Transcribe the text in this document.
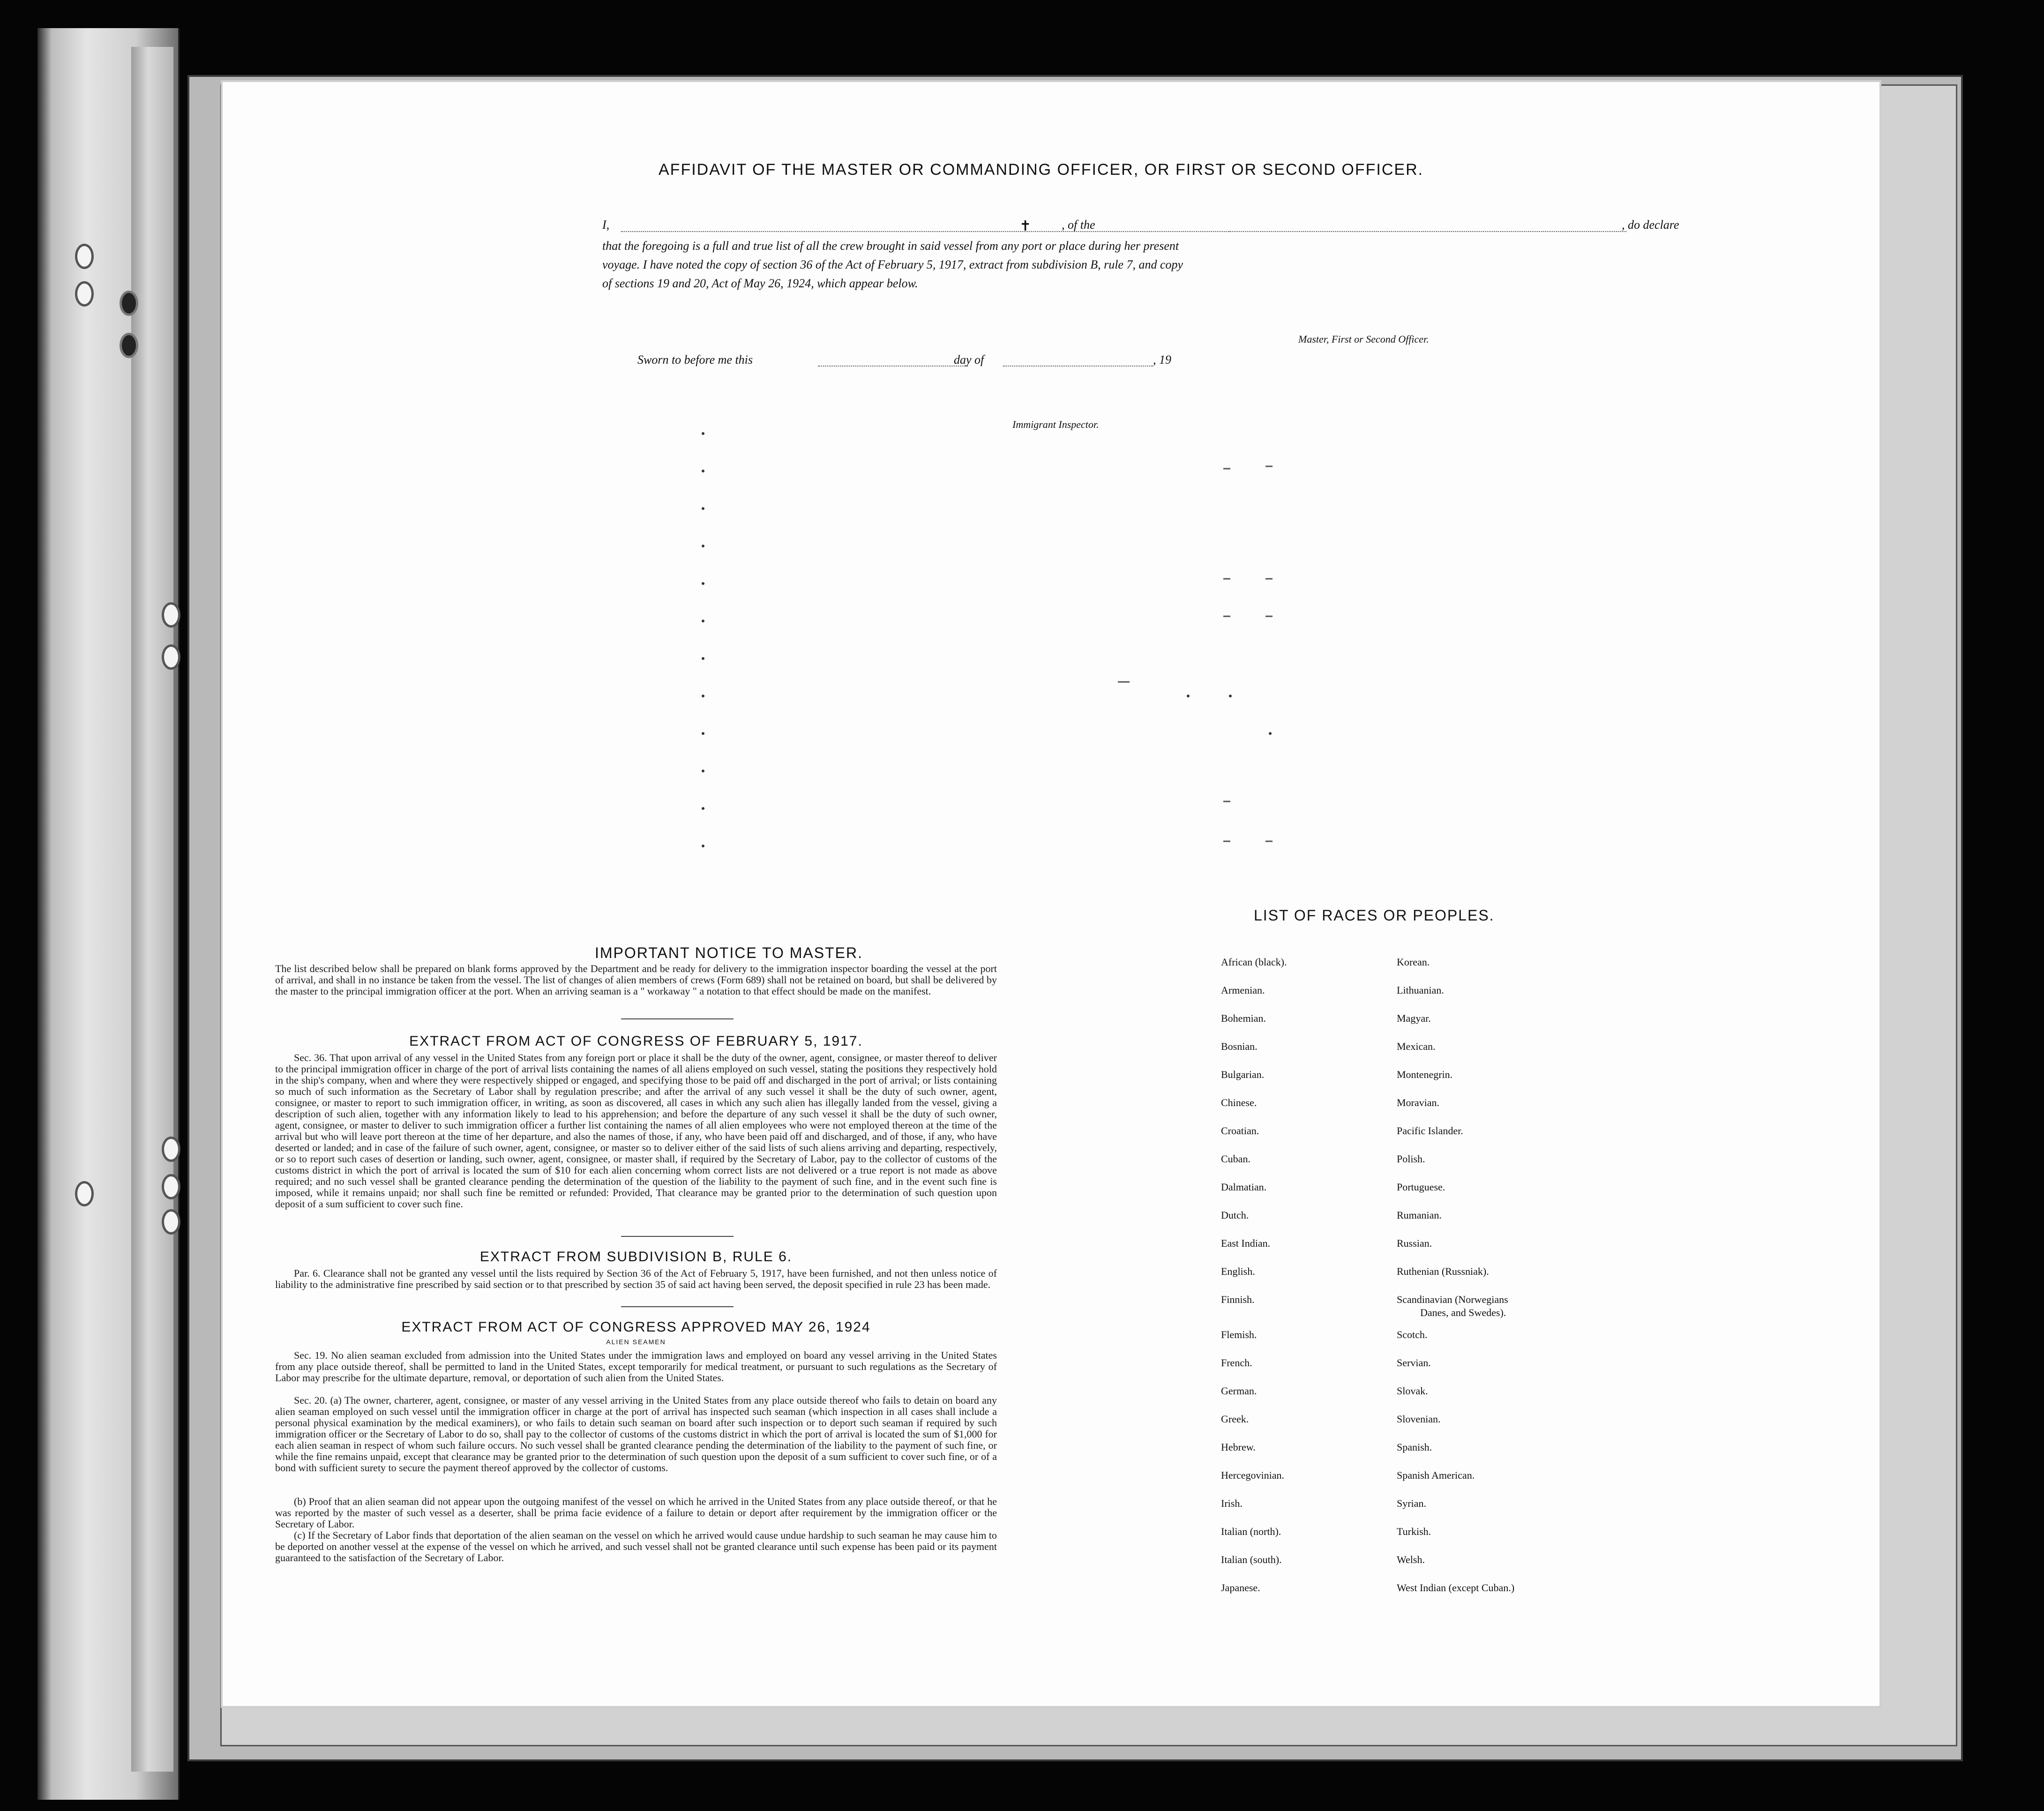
AFFIDAVIT OF THE MASTER OR COMMANDING OFFICER, OR FIRST OR SECOND OFFICER.
I,	✝ , of the	, do declare
that the foregoing is a full and true list of all the crew brought in said vessel from any port or place during her present
voyage. I have noted the copy of section 36 of the Act of February 5, 1917, extract from subdivision B, rule 7, and copy
of sections 19 and 20, Act of May 26, 1924, which appear below.
Master, First or Second Officer.
Sworn to before me this	day of	, 19
Immigrant Inspector.
IMPORTANT NOTICE TO MASTER.
The list described below shall be prepared on blank forms approved by the Department and be ready for delivery to the immigration inspector boarding the vessel at the port of arrival, and shall in no instance be taken from the vessel. The list of changes of alien members of crews (Form 689) shall not be retained on board, but shall be delivered by the master to the principal immigration officer at the port. When an arriving seaman is a " workaway " a notation to that effect should be made on the manifest.
EXTRACT FROM ACT OF CONGRESS OF FEBRUARY 5, 1917.
Sec. 36. That upon arrival of any vessel in the United States from any foreign port or place it shall be the duty of the owner, agent, consignee, or master thereof to deliver to the principal immigration officer in charge of the port of arrival lists containing the names of all aliens employed on such vessel, stating the positions they respectively hold in the ship's company, when and where they were respectively shipped or engaged, and specifying those to be paid off and discharged in the port of arrival; or lists containing so much of such information as the Secretary of Labor shall by regulation prescribe; and after the arrival of any such vessel it shall be the duty of such owner, agent, consignee, or master to report to such immigration officer, in writing, as soon as discovered, all cases in which any such alien has illegally landed from the vessel, giving a description of such alien, together with any information likely to lead to his apprehension; and before the departure of any such vessel it shall be the duty of such owner, agent, consignee, or master to deliver to such immigration officer a further list containing the names of all alien employees who were not employed thereon at the time of the arrival but who will leave port thereon at the time of her departure, and also the names of those, if any, who have been paid off and discharged, and of those, if any, who have deserted or landed; and in case of the failure of such owner, agent, consignee, or master so to deliver either of the said lists of such aliens arriving and departing, respectively, or so to report such cases of desertion or landing, such owner, agent, consignee, or master shall, if required by the Secretary of Labor, pay to the collector of customs of the customs district in which the port of arrival is located the sum of $10 for each alien concerning whom correct lists are not delivered or a true report is not made as above required; and no such vessel shall be granted clearance pending the determination of the question of the liability to the payment of such fine, and in the event such fine is imposed, while it remains unpaid; nor shall such fine be remitted or refunded: Provided, That clearance may be granted prior to the determination of such question upon deposit of a sum sufficient to cover such fine.
EXTRACT FROM SUBDIVISION B, RULE 6.
Par. 6. Clearance shall not be granted any vessel until the lists required by Section 36 of the Act of February 5, 1917, have been furnished, and not then unless notice of liability to the administrative fine prescribed by said section or to that prescribed by section 35 of said act having been served, the deposit specified in rule 23 has been made.
EXTRACT FROM ACT OF CONGRESS APPROVED MAY 26, 1924
ALIEN SEAMEN
Sec. 19. No alien seaman excluded from admission into the United States under the immigration laws and employed on board any vessel arriving in the United States from any place outside thereof, shall be permitted to land in the United States, except temporarily for medical treatment, or pursuant to such regulations as the Secretary of Labor may prescribe for the ultimate departure, removal, or deportation of such alien from the United States.
Sec. 20. (a) The owner, charterer, agent, consignee, or master of any vessel arriving in the United States from any place outside thereof who fails to detain on board any alien seaman employed on such vessel until the immigration officer in charge at the port of arrival has inspected such seaman (which inspection in all cases shall include a personal physical examination by the medical examiners), or who fails to detain such seaman on board after such inspection or to deport such seaman if required by such immigration officer or the Secretary of Labor to do so, shall pay to the collector of customs of the customs district in which the port of arrival is located the sum of $1,000 for each alien seaman in respect of whom such failure occurs. No such vessel shall be granted clearance pending the determination of the liability to the payment of such fine, or while the fine remains unpaid, except that clearance may be granted prior to the determination of such question upon the deposit of a sum sufficient to cover such fine, or of a bond with sufficient surety to secure the payment thereof approved by the collector of customs.
(b) Proof that an alien seaman did not appear upon the outgoing manifest of the vessel on which he arrived in the United States from any place outside thereof, or that he was reported by the master of such vessel as a deserter, shall be prima facie evidence of a failure to detain or deport after requirement by the immigration officer or the Secretary of Labor.
(c) If the Secretary of Labor finds that deportation of the alien seaman on the vessel on which he arrived would cause undue hardship to such seaman he may cause him to be deported on another vessel at the expense of the vessel on which he arrived, and such vessel shall not be granted clearance until such expense has been paid or its payment guaranteed to the satisfaction of the Secretary of Labor.
LIST OF RACES OR PEOPLES.
African (black).
Armenian.
Bohemian.
Bosnian.
Bulgarian.
Chinese.
Croatian.
Cuban.
Dalmatian.
Dutch.
East Indian.
English.
Finnish.
Flemish.
French.
German.
Greek.
Hebrew.
Hercegovinian.
Irish.
Italian (north).
Italian (south).
Japanese.
Korean.
Lithuanian.
Magyar.
Mexican.
Montenegrin.
Moravian.
Pacific Islander.
Polish.
Portuguese.
Rumanian.
Russian.
Ruthenian (Russniak).
Scandinavian (Norwegians
Danes, and Swedes).
Scotch.
Servian.
Slovak.
Slovenian.
Spanish.
Spanish American.
Syrian.
Turkish.
Welsh.
West Indian (except Cuban.)
